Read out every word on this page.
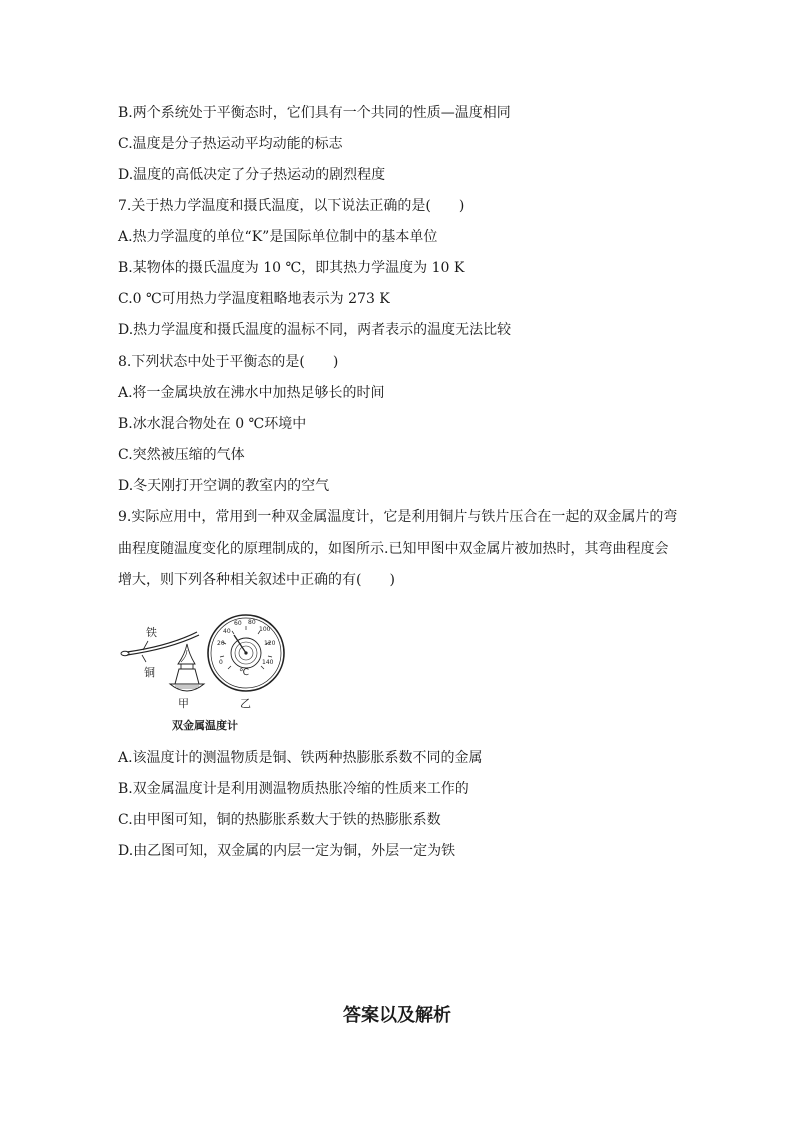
B.两个系统处于平衡态时，它们具有一个共同的性质—温度相同
C.温度是分子热运动平均动能的标志
D.温度的高低决定了分子热运动的剧烈程度
7.关于热力学温度和摄氏温度，以下说法正确的是(　　)
A.热力学温度的单位“K”是国际单位制中的基本单位
B.某物体的摄氏温度为 10 ℃，即其热力学温度为 10 K
C.0 ℃可用热力学温度粗略地表示为 273 K
D.热力学温度和摄氏温度的温标不同，两者表示的温度无法比较
8.下列状态中处于平衡态的是(　　)
A.将一金属块放在沸水中加热足够长的时间
B.冰水混合物处在 0 ℃环境中
C.突然被压缩的气体
D.冬天刚打开空调的教室内的空气
9.实际应用中，常用到一种双金属温度计，它是利用铜片与铁片压合在一起的双金属片的弯
曲程度随温度变化的原理制成的，如图所示.已知甲图中双金属片被加热时，其弯曲程度会
增大，则下列各种相关叙述中正确的有(　　)
0
20
40
60 80
100
120
140
铁
铜	℃
甲	乙
双金属温度计
A.该温度计的测温物质是铜、铁两种热膨胀系数不同的金属
B.双金属温度计是利用测温物质热胀冷缩的性质来工作的
C.由甲图可知，铜的热膨胀系数大于铁的热膨胀系数
D.由乙图可知，双金属的内层一定为铜，外层一定为铁
答案以及解析
